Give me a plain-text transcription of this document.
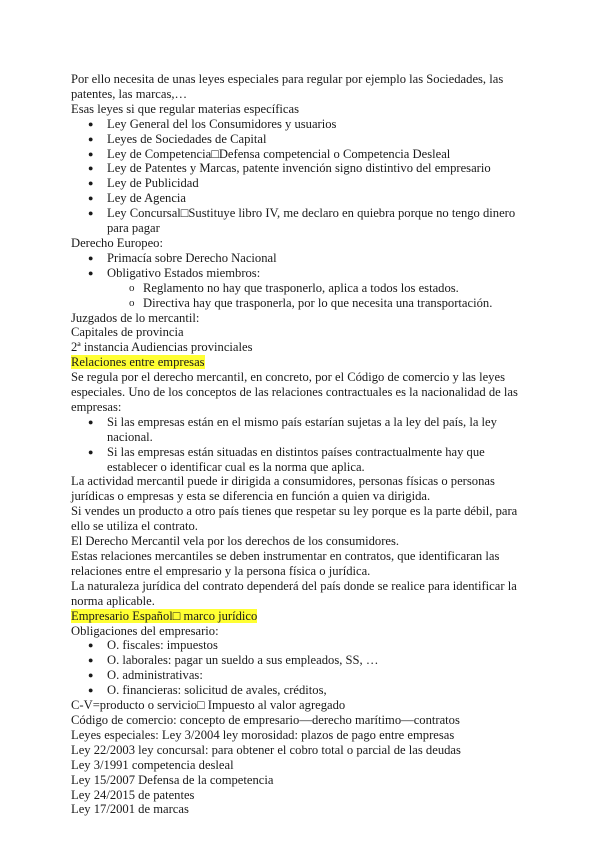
Por ello necesita de unas leyes especiales para regular por ejemplo las Sociedades, las patentes, las marcas,…

Esas leyes si que regular materias específicas

● Ley General del los Consumidores y usuarios
● Leyes de Sociedades de Capital
● Ley de Competencia□Defensa competencial o Competencia Desleal
● Ley de Patentes y Marcas, patente invención signo distintivo del empresario
● Ley de Publicidad
● Ley de Agencia
● Ley Concursal□Sustituye libro IV, me declaro en quiebra porque no tengo dinero para pagar

Derecho Europeo:

● Primacía sobre Derecho Nacional
● Obligativo Estados miembros:
o Reglamento no hay que trasponerlo, aplica a todos los estados.
o Directiva hay que trasponerla, por lo que necesita una transportación.

Juzgados de lo mercantil:

Capitales de provincia

2ª instancia Audiencias provinciales

Relaciones entre empresas

Se regula por el derecho mercantil, en concreto, por el Código de comercio y las leyes especiales. Uno de los conceptos de las relaciones contractuales es la nacionalidad de las empresas:

● Si las empresas están en el mismo país estarían sujetas a la ley del país, la ley nacional.
● Si las empresas están situadas en distintos países contractualmente hay que establecer o identificar cual es la norma que aplica.

La actividad mercantil puede ir dirigida a consumidores, personas físicas o personas jurídicas o empresas y esta se diferencia en función a quien va dirigida.

Si vendes un producto a otro país tienes que respetar su ley porque es la parte débil, para ello se utiliza el contrato.

El Derecho Mercantil vela por los derechos de los consumidores.

Estas relaciones mercantiles se deben instrumentar en contratos, que identificaran las relaciones entre el empresario y la persona física o jurídica.

La naturaleza jurídica del contrato dependerá del país donde se realice para identificar la norma aplicable.

Empresario Español□ marco jurídico

Obligaciones del empresario:

● O. fiscales: impuestos
● O. laborales: pagar un sueldo a sus empleados, SS, …
● O. administrativas:
● O. financieras: solicitud de avales, créditos,

C-V=producto o servicio□ Impuesto al valor agregado

Código de comercio: concepto de empresario—derecho marítimo—contratos

Leyes especiales: Ley 3/2004 ley morosidad: plazos de pago entre empresas

Ley 22/2003 ley concursal: para obtener el cobro total o parcial de las deudas

Ley 3/1991 competencia desleal

Ley 15/2007 Defensa de la competencia

Ley 24/2015 de patentes

Ley 17/2001 de marcas
